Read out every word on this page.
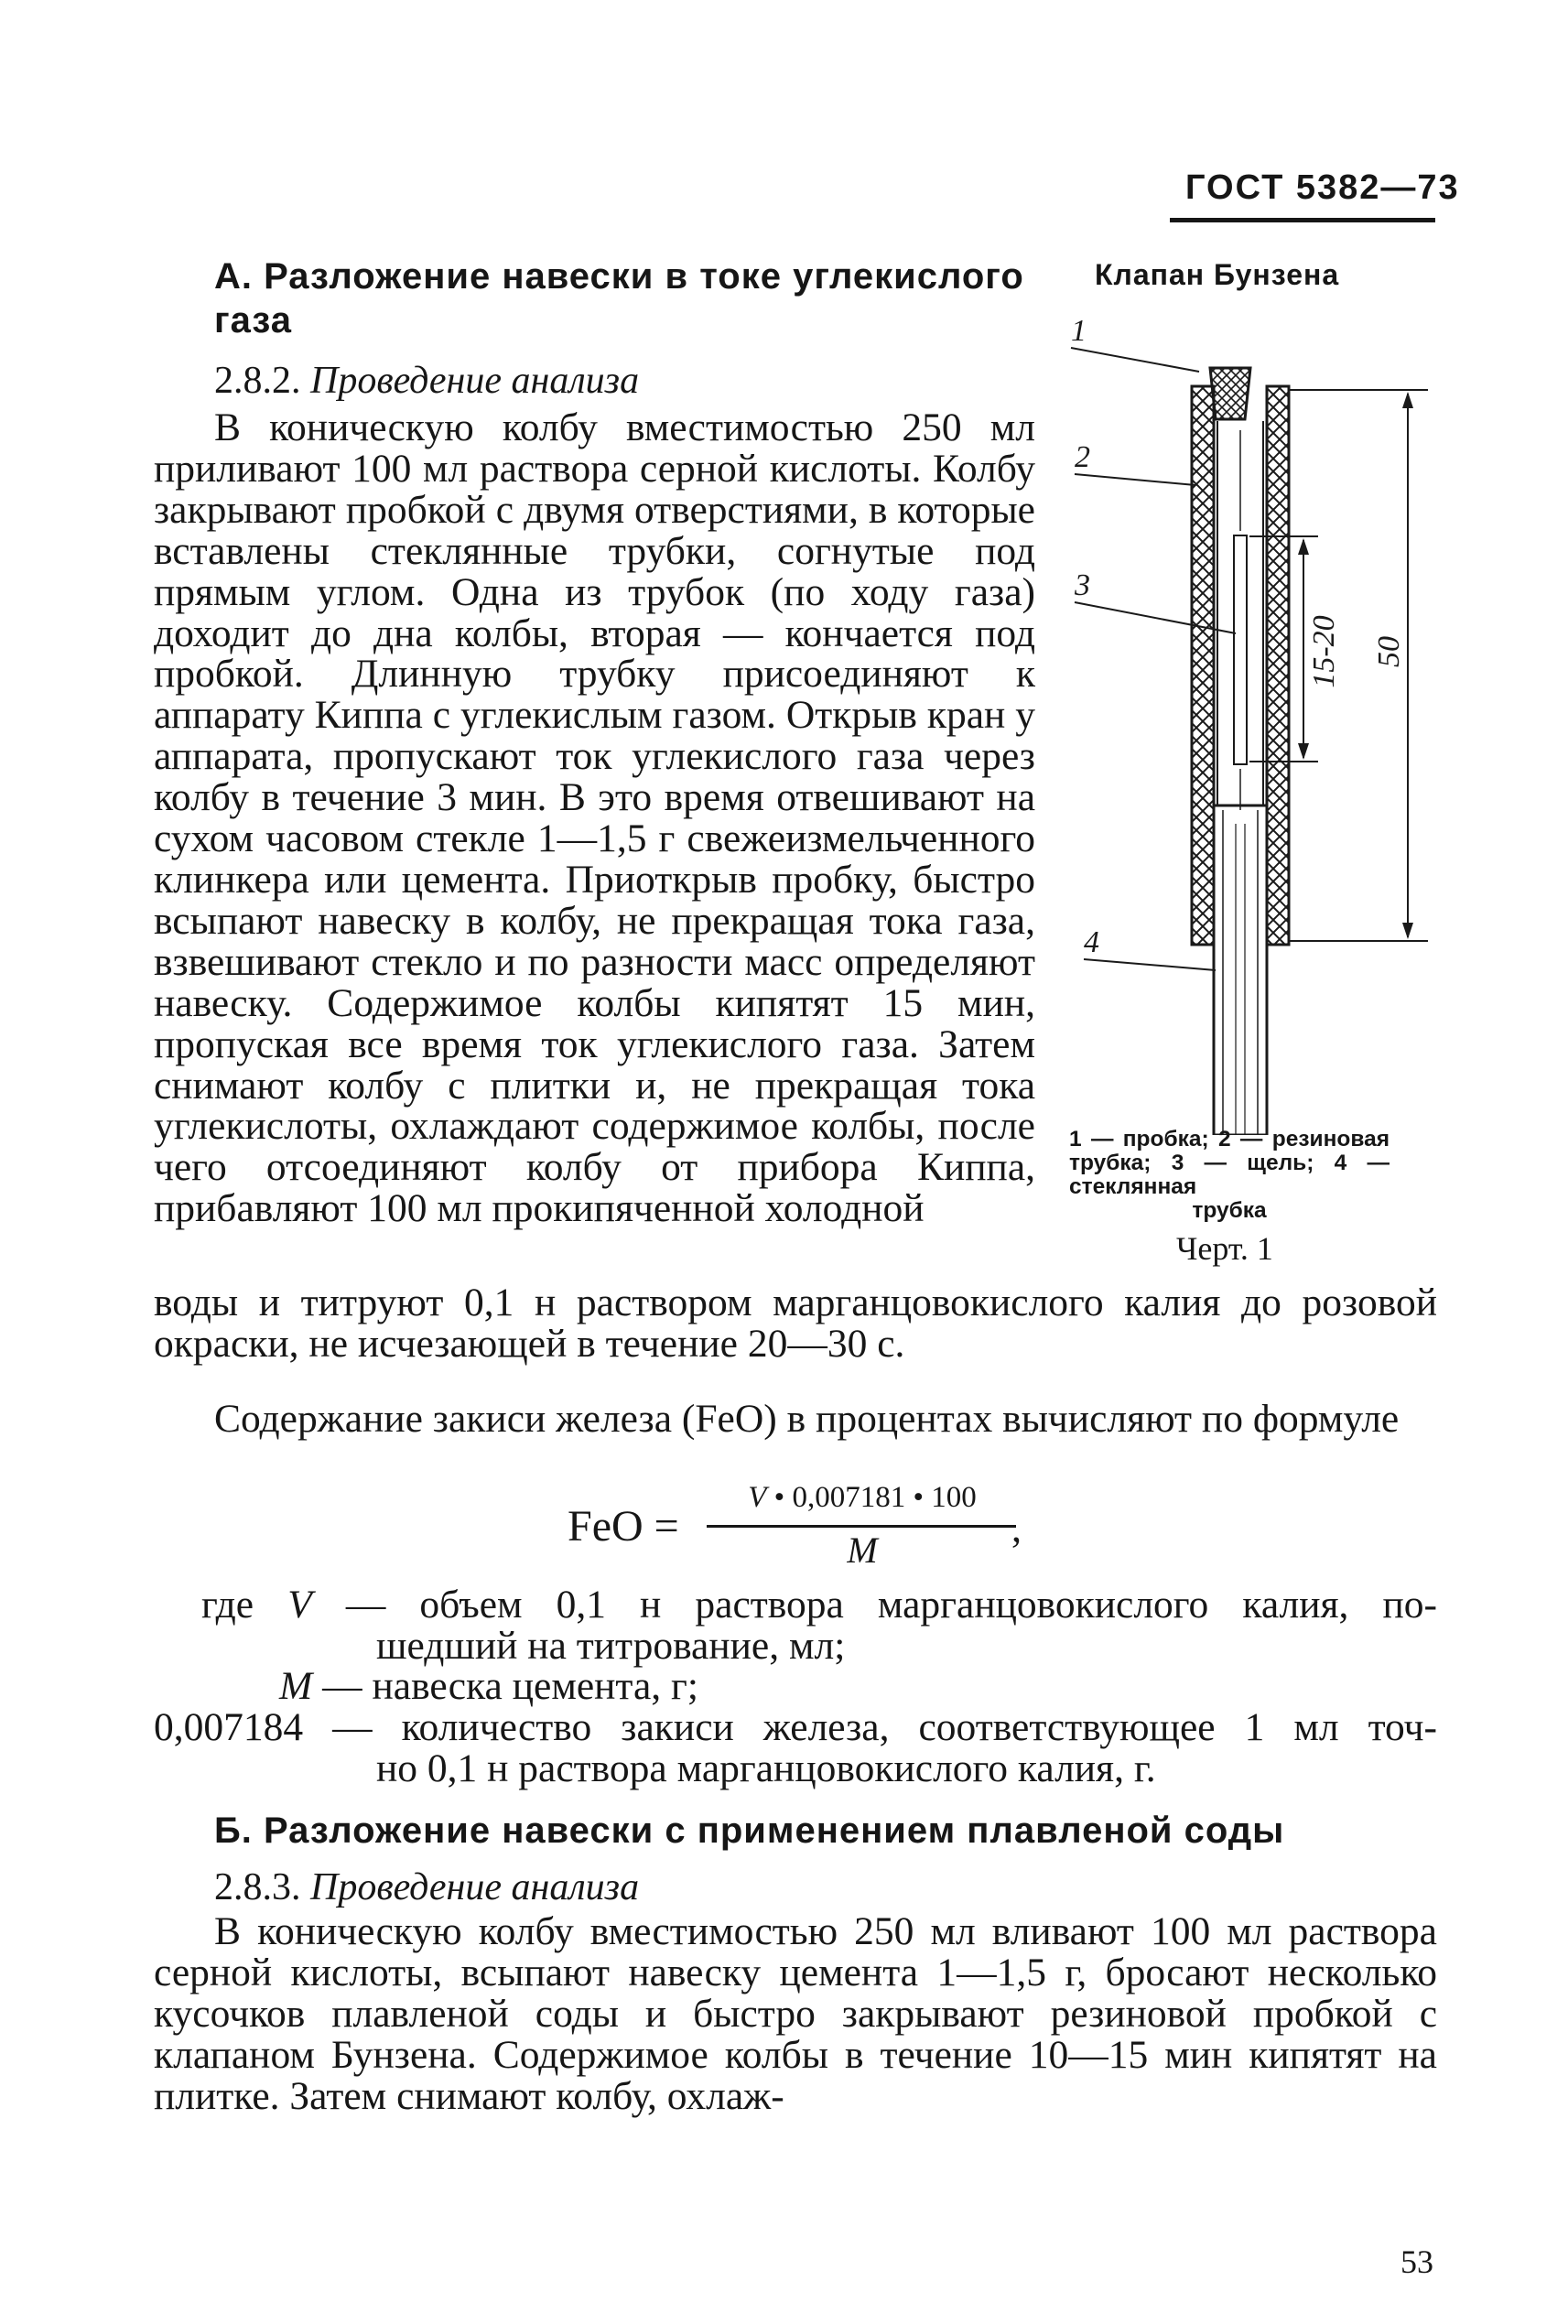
ГОСТ 5382—73
А. Разложение навески в токе углекислого газа
2.8.2. Проведение анализа
В коническую колбу вместимостью 250 мл приливают 100 мл раствора серной кислоты. Колбу закрывают пробкой с двумя отверстиями, в которые вставлены стеклянные трубки, согнутые под прямым углом. Одна из трубок (по ходу газа) доходит до дна колбы, вторая — кончается под пробкой. Длинную трубку присоединяют к аппарату Киппа с углекислым газом. Открыв кран у аппарата, пропускают ток углекислого газа через колбу в течение 3 мин. В это время отвешивают на сухом часовом стекле 1—1,5 г свежеизмельченного клинкера или цемента. Приоткрыв пробку, быстро всыпают навеску в колбу, не прекращая тока газа, взвешивают стекло и по разности масс определяют навеску. Содержимое колбы кипятят 15 мин, пропуская все время ток углекислого газа. Затем снимают колбу с плитки и, не прекращая тока углекислоты, охлаждают содержимое колбы, после чего отсоединяют колбу от прибора Киппа, прибавляют 100 мл прокипяченной холодной
воды и титруют 0,1 н раствором марганцовокислого калия до розовой окраски, не исчезающей в течение 20—30 с.
Содержание закиси железа (FeO) в процентах вычисляют по формуле
FeO =
V • 0,007181 • 100
M	,
где V — объем 0,1 н раствора марганцовокислого калия, по-
шедший на титрование, мл;
M — навеска цемента, г;
0,007184 — количество закиси железа, соответствующее 1 мл точ-
но 0,1 н раствора марганцовокислого калия, г.
Б. Разложение навески с применением плавленой соды
2.8.3. Проведение анализа
В коническую колбу вместимостью 250 мл вливают 100 мл раствора серной кислоты, всыпают навеску цемента 1—1,5 г, бросают несколько кусочков плавленой соды и быстро закрывают резиновой пробкой с клапаном Бунзена. Содержимое колбы в течение 10—15 мин кипятят на плитке. Затем снимают колбу, охлаж-
Клапан Бунзена
1
2
3
4
15-20 50
1 — пробка; 2 — резиновая трубка; 3 — щель; 4 — стеклянная
трубка
Черт. 1
53
